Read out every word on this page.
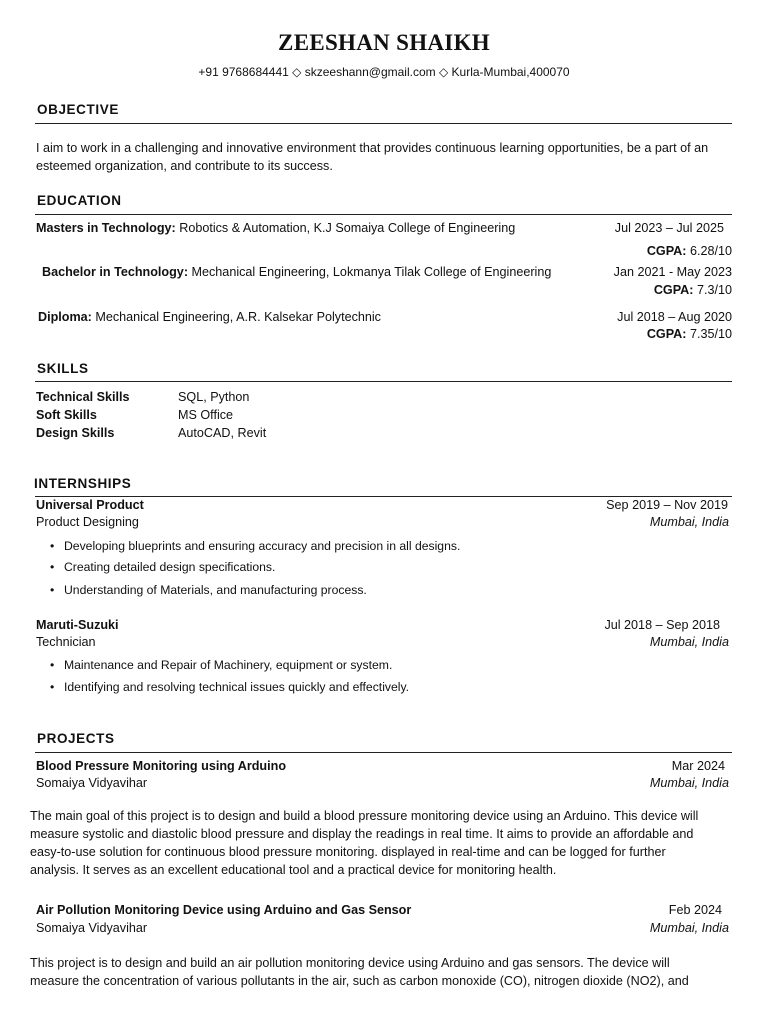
ZEESHAN SHAIKH
+91 9768684441 ◇ skzeeshann@gmail.com ◇ Kurla-Mumbai,400070
OBJECTIVE
I aim to work in a challenging and innovative environment that provides continuous learning opportunities, be a part of an
esteemed organization, and contribute to its success.
EDUCATION
Masters in Technology: Robotics & Automation, K.J Somaiya College of Engineering	Jul 2023 – Jul 2025
CGPA: 6.28/10
Bachelor in Technology: Mechanical Engineering, Lokmanya Tilak College of Engineering	Jan 2021 - May 2023
CGPA: 7.3/10
Diploma: Mechanical Engineering, A.R. Kalsekar Polytechnic	Jul 2018 – Aug 2020
CGPA: 7.35/10
SKILLS
Technical Skills	SQL, Python
Soft Skills	MS Office
Design Skills	AutoCAD, Revit
INTERNSHIPS
Universal Product	Sep 2019 – Nov 2019
Product Designing	Mumbai, India
• Developing blueprints and ensuring accuracy and precision in all designs.
• Creating detailed design specifications.
• Understanding of Materials, and manufacturing process.
Maruti-Suzuki	Jul 2018 – Sep 2018
Technician	Mumbai, India
• Maintenance and Repair of Machinery, equipment or system.
• Identifying and resolving technical issues quickly and effectively.
PROJECTS
Blood Pressure Monitoring using Arduino	Mar 2024
Somaiya Vidyavihar	Mumbai, India
The main goal of this project is to design and build a blood pressure monitoring device using an Arduino. This device will
measure systolic and diastolic blood pressure and display the readings in real time. It aims to provide an affordable and
easy-to-use solution for continuous blood pressure monitoring. displayed in real-time and can be logged for further
analysis. It serves as an excellent educational tool and a practical device for monitoring health.
Air Pollution Monitoring Device using Arduino and Gas Sensor	Feb 2024
Somaiya Vidyavihar	Mumbai, India
This project is to design and build an air pollution monitoring device using Arduino and gas sensors. The device will
measure the concentration of various pollutants in the air, such as carbon monoxide (CO), nitrogen dioxide (NO2), and
